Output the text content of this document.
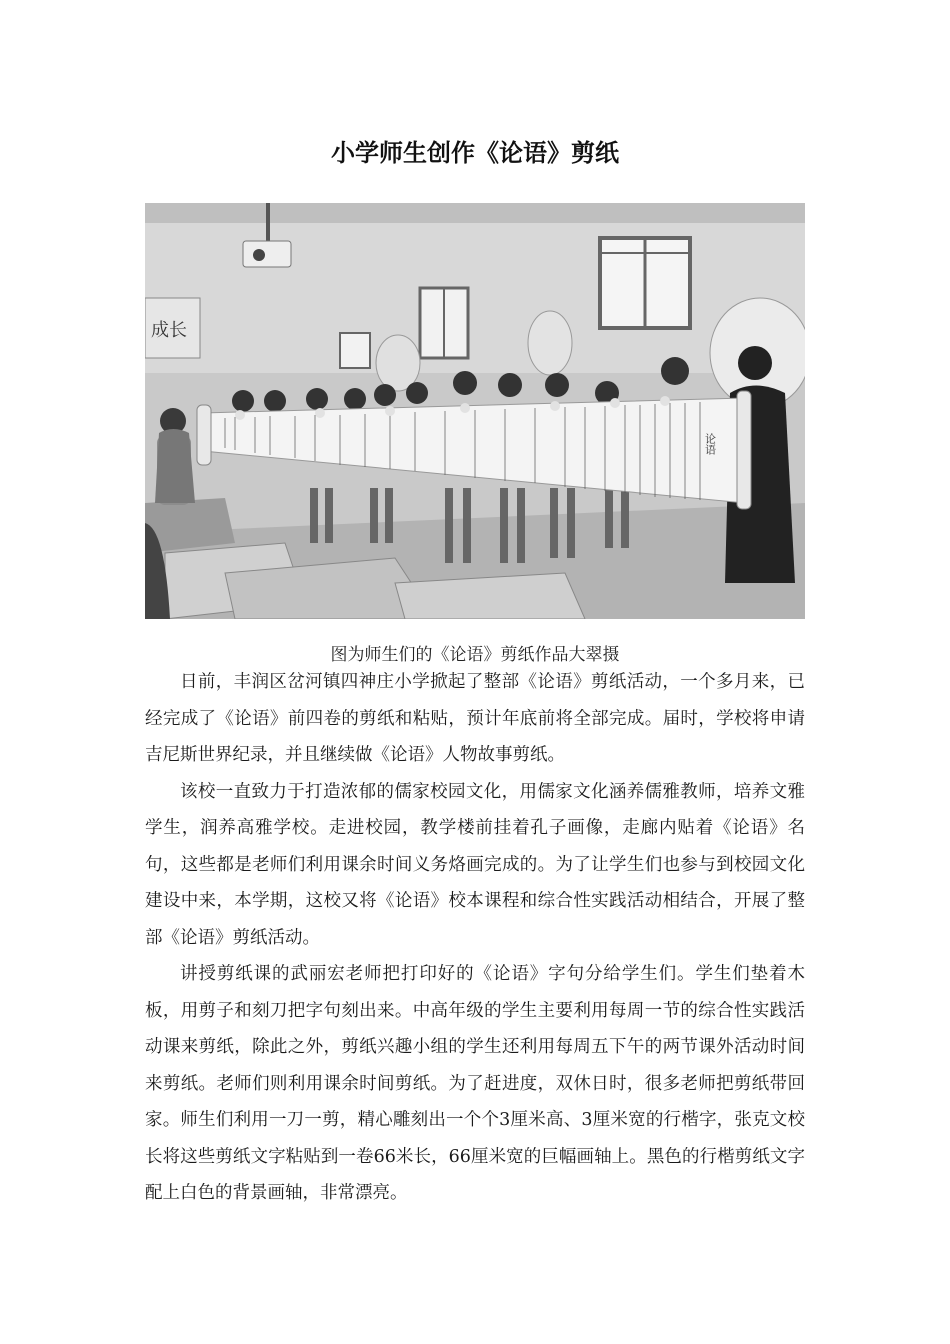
小学师生创作《论语》剪纸
成长
论语
图为师生们的《论语》剪纸作品大翠摄

日前，丰润区岔河镇四神庄小学掀起了整部《论语》剪纸活动，一个多月来，已经完成了《论语》前四卷的剪纸和粘贴，预计年底前将全部完成。届时，学校将申请吉尼斯世界纪录，并且继续做《论语》人物故事剪纸。

该校一直致力于打造浓郁的儒家校园文化，用儒家文化涵养儒雅教师，培养文雅学生，润养高雅学校。走进校园，教学楼前挂着孔子画像，走廊内贴着《论语》名句，这些都是老师们利用课余时间义务烙画完成的。为了让学生们也参与到校园文化建设中来，本学期，这校又将《论语》校本课程和综合性实践活动相结合，开展了整部《论语》剪纸活动。

讲授剪纸课的武丽宏老师把打印好的《论语》字句分给学生们。学生们垫着木板，用剪子和刻刀把字句刻出来。中高年级的学生主要利用每周一节的综合性实践活动课来剪纸，除此之外，剪纸兴趣小组的学生还利用每周五下午的两节课外活动时间来剪纸。老师们则利用课余时间剪纸。为了赶进度，双休日时，很多老师把剪纸带回家。师生们利用一刀一剪，精心雕刻出一个个3厘米高、3厘米宽的行楷字，张克文校长将这些剪纸文字粘贴到一卷66米长，66厘米宽的巨幅画轴上。黑色的行楷剪纸文字配上白色的背景画轴，非常漂亮。
